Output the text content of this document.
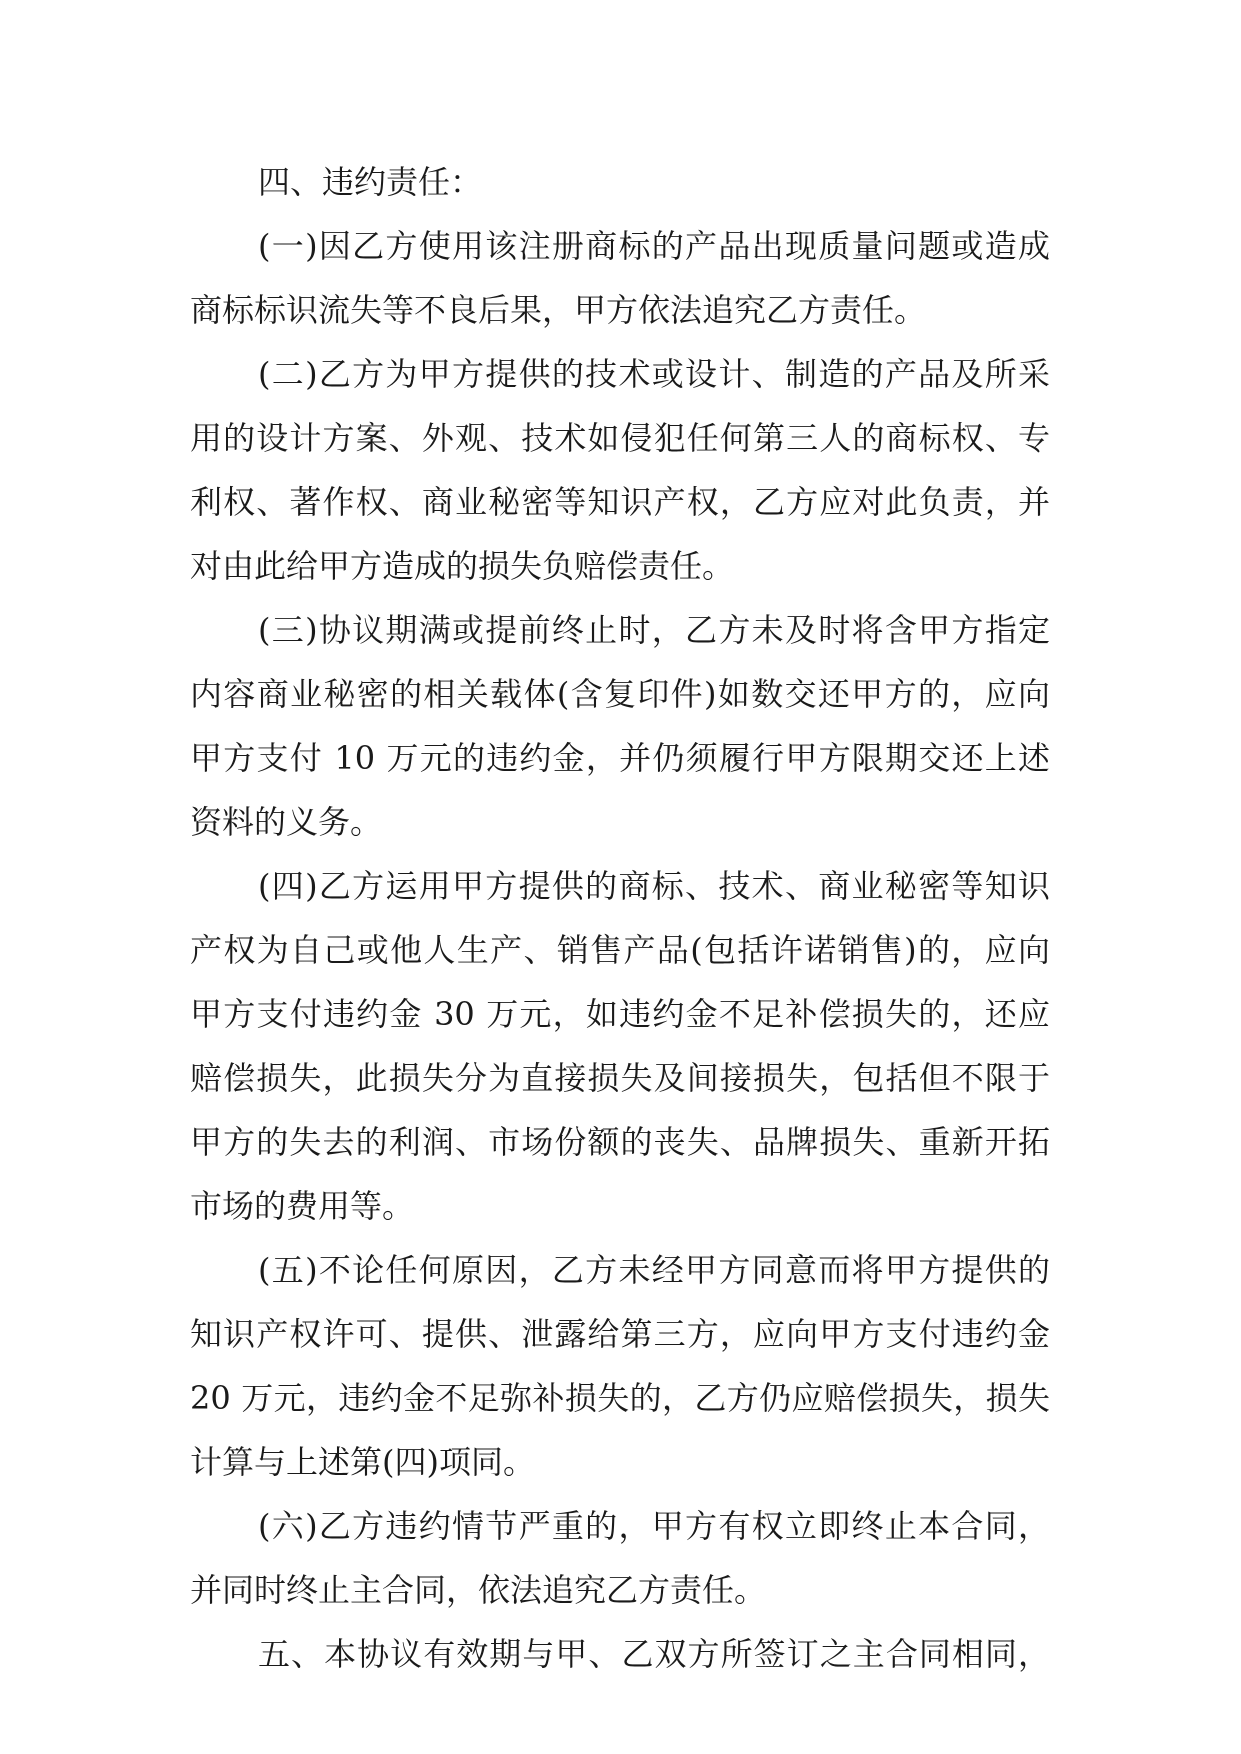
四、违约责任：
(一)因乙方使用该注册商标的产品出现质量问题或造成
商标标识流失等不良后果，甲方依法追究乙方责任。
(二)乙方为甲方提供的技术或设计、制造的产品及所采
用的设计方案、外观、技术如侵犯任何第三人的商标权、专
利权、著作权、商业秘密等知识产权，乙方应对此负责，并
对由此给甲方造成的损失负赔偿责任。
(三)协议期满或提前终止时，乙方未及时将含甲方指定
内容商业秘密的相关载体(含复印件)如数交还甲方的，应向
甲方支付 10 万元的违约金，并仍须履行甲方限期交还上述
资料的义务。
(四)乙方运用甲方提供的商标、技术、商业秘密等知识
产权为自己或他人生产、销售产品(包括许诺销售)的，应向
甲方支付违约金 30 万元，如违约金不足补偿损失的，还应
赔偿损失，此损失分为直接损失及间接损失，包括但不限于
甲方的失去的利润、市场份额的丧失、品牌损失、重新开拓
市场的费用等。
(五)不论任何原因，乙方未经甲方同意而将甲方提供的
知识产权许可、提供、泄露给第三方，应向甲方支付违约金
20 万元，违约金不足弥补损失的，乙方仍应赔偿损失，损失
计算与上述第(四)项同。
(六)乙方违约情节严重的，甲方有权立即终止本合同，
并同时终止主合同，依法追究乙方责任。
五、本协议有效期与甲、乙双方所签订之主合同相同，
